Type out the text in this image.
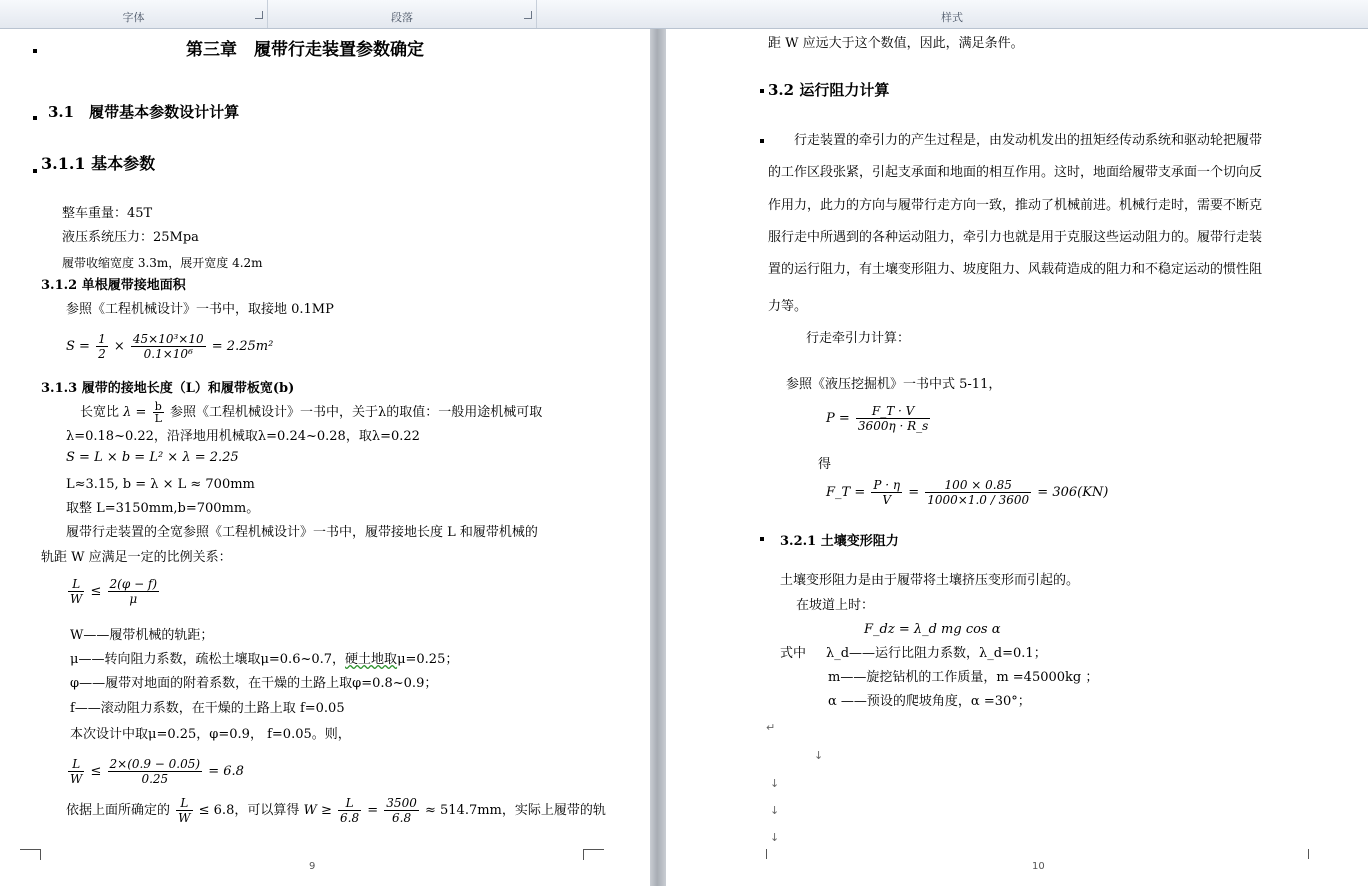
字体	段落	样式
第三章　履带行走装置参数确定
3.1　履带基本参数设计计算
3.1.1 基本参数
整车重量：45T
液压系统压力：25Mpa
履带收缩宽度 3.3m，展开宽度 4.2m
3.1.2 单根履带接地面积
参照《工程机械设计》一书中，取接地 0.1MP
$S = \frac{1}{2} \times \frac{\text{45×10³×10}}{\text{0.1×10⁶}} = 2.25m^2$
3.1.3 履带的接地长度（L）和履带板宽(b)
长宽比 $\lambda = \frac{b}{L}$ 参照《工程机械设计》一书中，关于λ的取值：一般用途机械可取
λ=0.18~0.22，沿泽地用机械取λ=0.24~0.28，取λ=0.22
S = L × b = L² × λ = 2.25
L≈3.15, b = λ × L ≈ 700mm
取整 L=3150mm,b=700mm。
履带行走装置的全宽参照《工程机械设计》一书中，履带接地长度 L 和履带机械的
轨距 W 应满足一定的比例关系：
$\frac{L}{W} \le \frac{2(\varphi - f)}{\mu}$
W——履带机械的轨距；
μ——转向阻力系数，疏松土壤取μ=0.6~0.7，硬土地取μ=0.25；
φ——履带对地面的附着系数，在干燥的土路上取φ=0.8~0.9；
f——滚动阻力系数，在干燥的土路上取 f=0.05
本次设计中取μ=0.25，φ=0.9， f=0.05。则，
$\frac{L}{W} \le \frac{2\times(0.9 - 0.05)}{0.25} = 6.8$
依据上面所确定的 $\frac{L}{W} \le 6.8$，可以算得 $W \ge \frac{L}{6.8} = \frac{3500}{6.8} \approx 514.7mm$，实际上履带的轨
9
距 W 应远大于这个数值，因此，满足条件。
3.2 运行阻力计算
　　行走装置的牵引力的产生过程是，由发动机发出的扭矩经传动系统和驱动轮把履带
的工作区段张紧，引起支承面和地面的相互作用。这时，地面给履带支承面一个切向反
作用力，此力的方向与履带行走方向一致，推动了机械前进。机械行走时，需要不断克
服行走中所遇到的各种运动阻力，牵引力也就是用于克服这些运动阻力的。履带行走装
置的运行阻力，有土壤变形阻力、坡度阻力、风载荷造成的阻力和不稳定运动的惯性阻
力等。
行走牵引力计算：
参照《液压挖掘机》一书中式 5-11，
$P = \frac{F\_T \cdot V}{3600\eta \cdot R\_s}$
得
F_T = $\frac{P \cdot \eta}{V} = \frac{100 \times 0.85}{1000\times 1.0 / 3600} = 306(KN)$
3.2.1 土壤变形阻力
土壤变形阻力是由于履带将土壤挤压变形而引起的。
在坡道上时：
F_dz = λ_d mg cos α
式中 λ_d——运行比阻力系数，λ_d=0.1；
m——旋挖钻机的工作质量，m =45000kg ；
α ——预设的爬坡角度，α =30°；
↵
↓
↓
↓
↓
10
